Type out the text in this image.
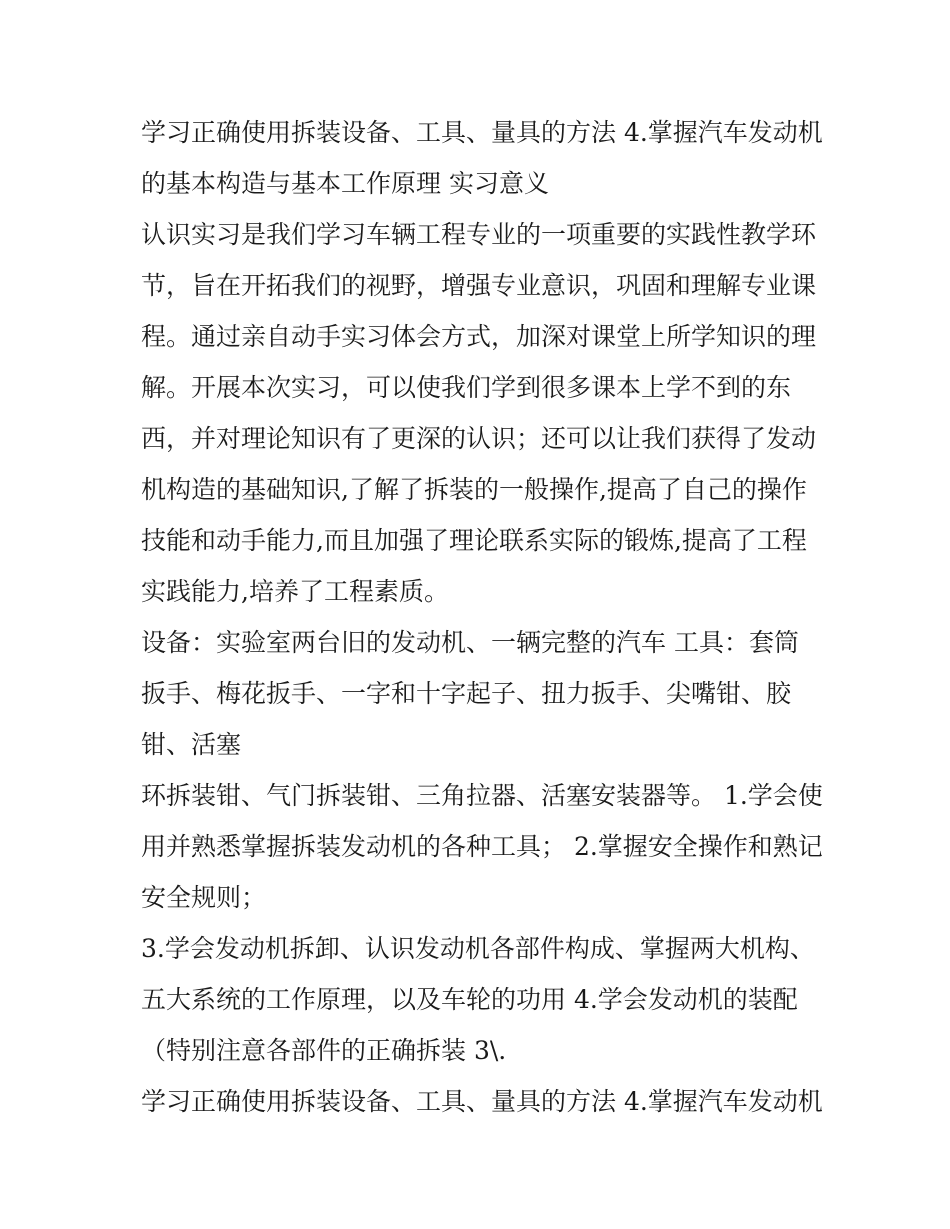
学习正确使用拆装设备、工具、量具的方法 4.掌握汽车发动机
的基本构造与基本工作原理 实习意义
认识实习是我们学习车辆工程专业的一项重要的实践性教学环
节，旨在开拓我们的视野，增强专业意识，巩固和理解专业课
程。通过亲自动手实习体会方式，加深对课堂上所学知识的理
解。开展本次实习，可以使我们学到很多课本上学不到的东
西，并对理论知识有了更深的认识；还可以让我们获得了发动
机构造的基础知识,了解了拆装的一般操作,提高了自己的操作
技能和动手能力,而且加强了理论联系实际的锻炼,提高了工程
实践能力,培养了工程素质。
设备：实验室两台旧的发动机、一辆完整的汽车 工具：套筒
扳手、梅花扳手、一字和十字起子、扭力扳手、尖嘴钳、胶
钳、活塞
环拆装钳、气门拆装钳、三角拉器、活塞安装器等。 1.学会使
用并熟悉掌握拆装发动机的各种工具； 2.掌握安全操作和熟记
安全规则；
3.学会发动机拆卸、认识发动机各部件构成、掌握两大机构、
五大系统的工作原理，以及车轮的功用 4.学会发动机的装配
（特别注意各部件的正确拆装 3\.
学习正确使用拆装设备、工具、量具的方法 4.掌握汽车发动机
